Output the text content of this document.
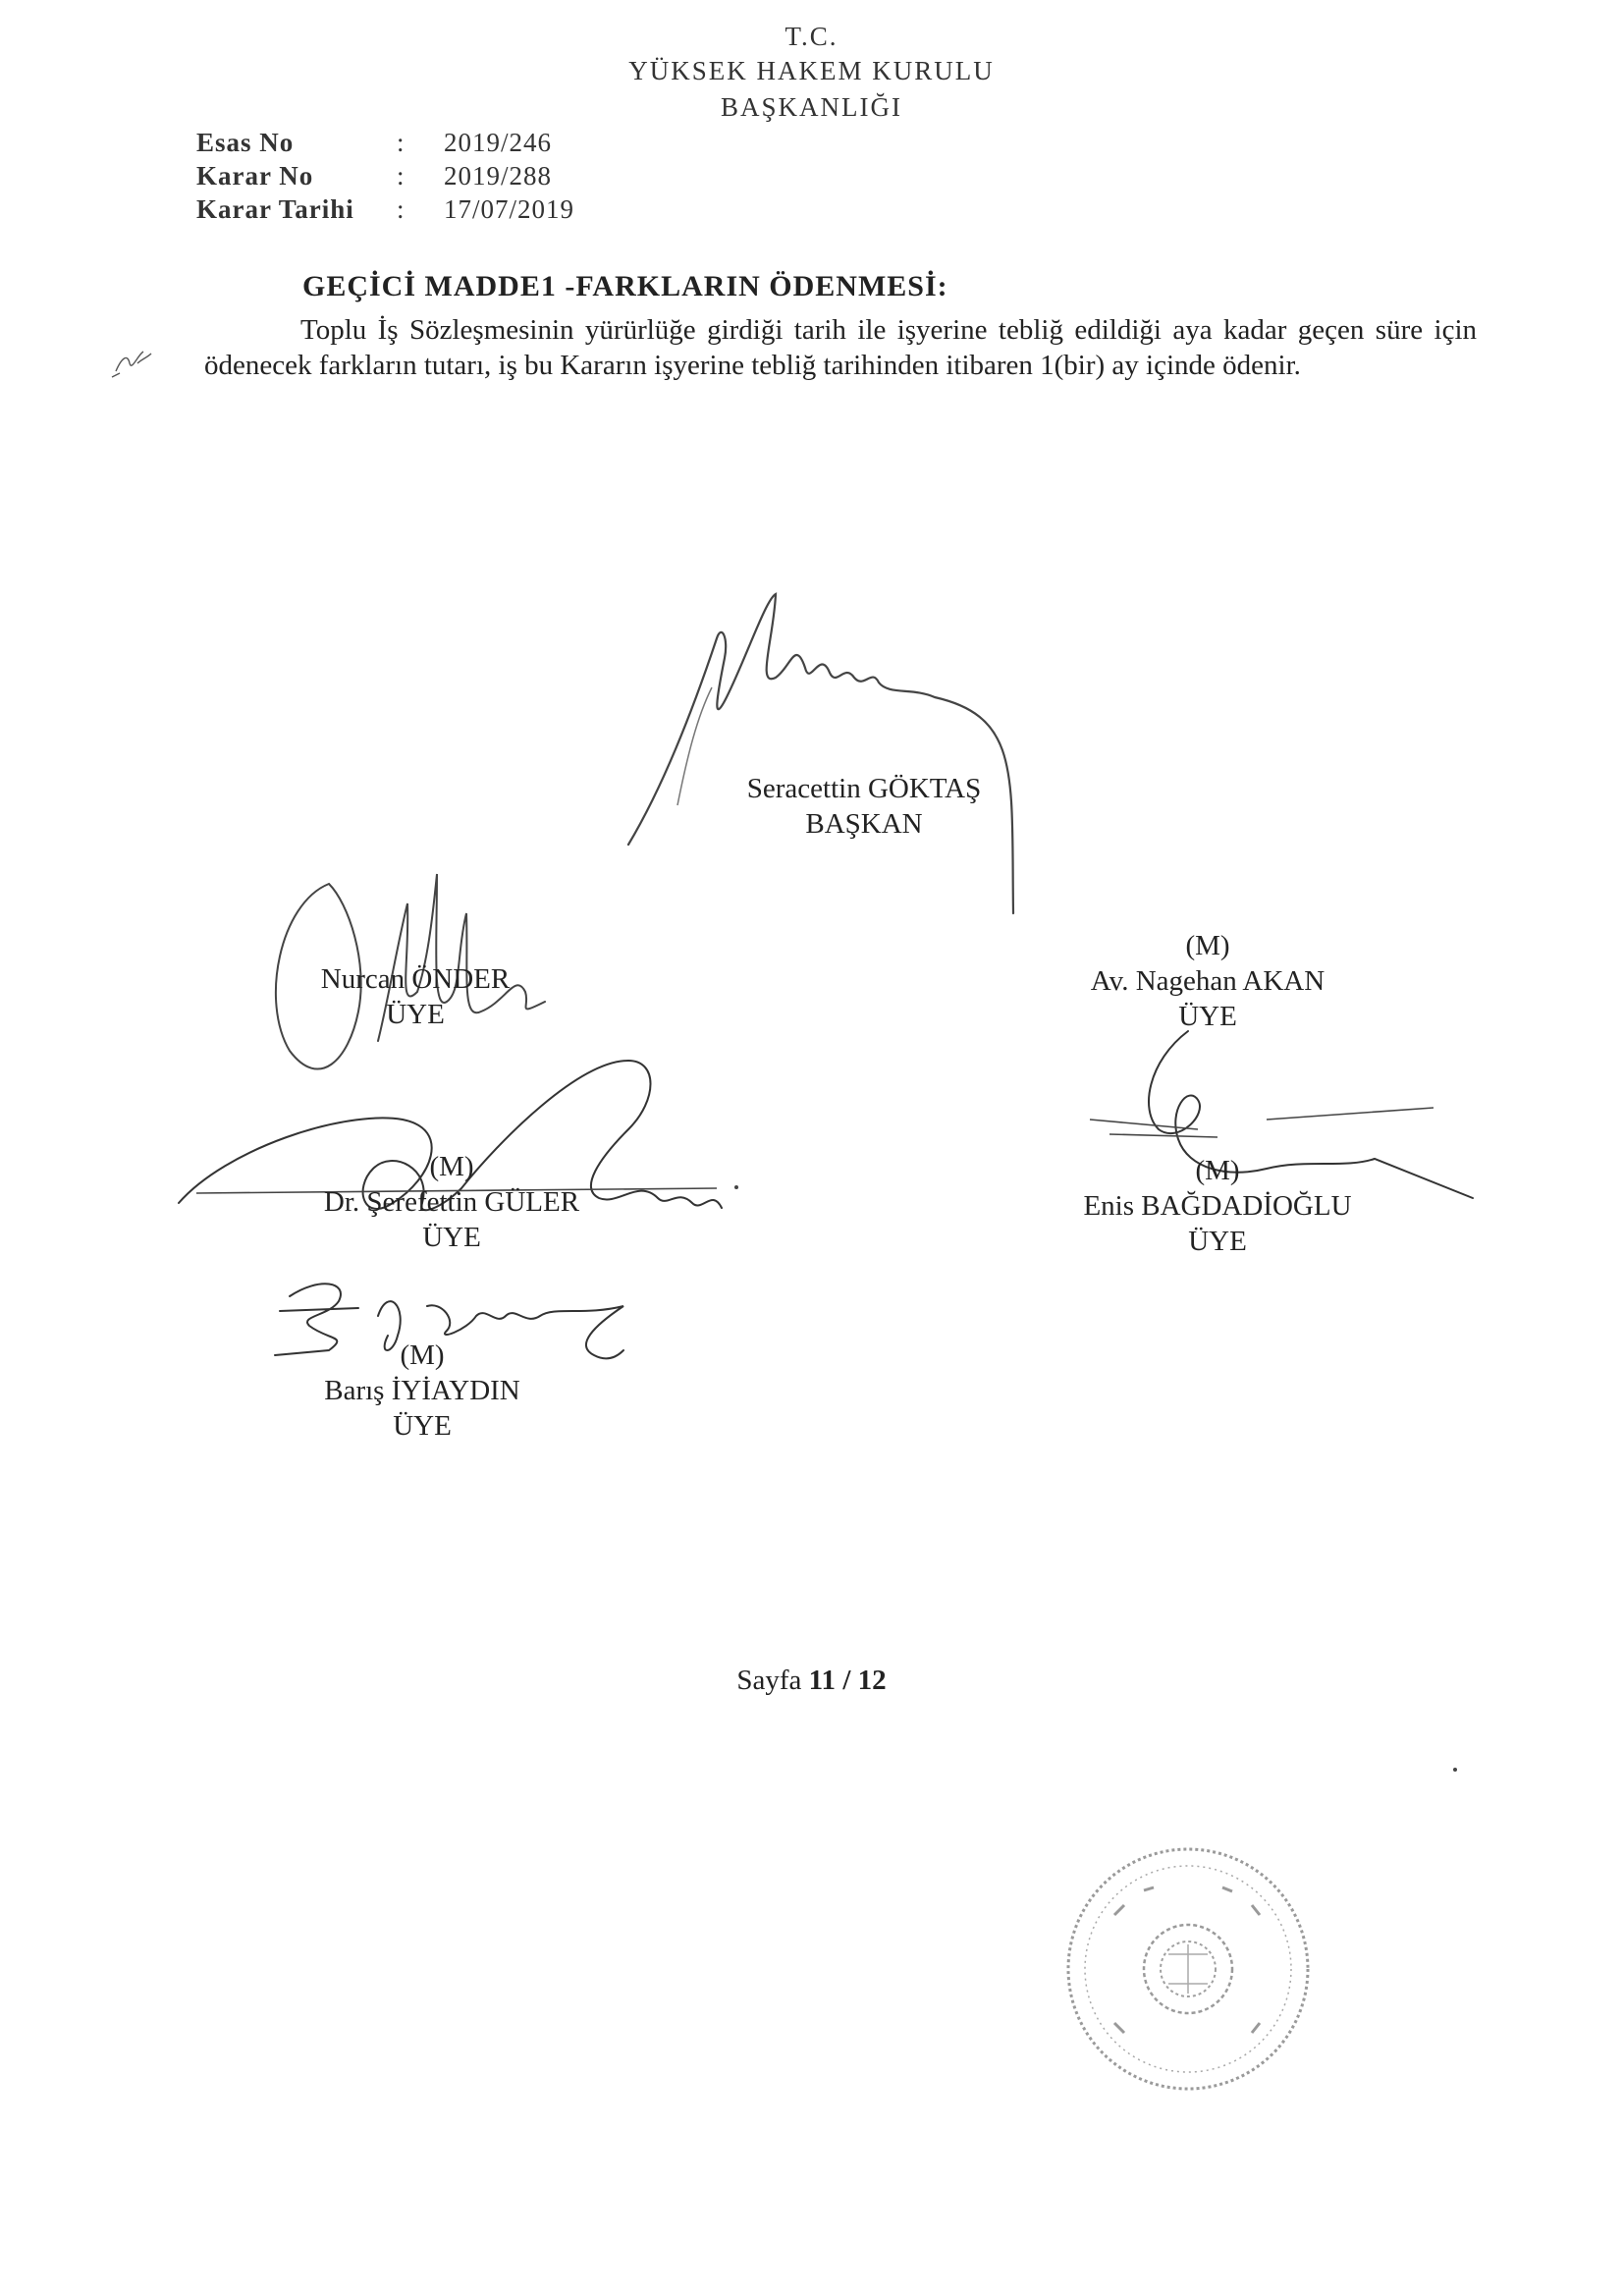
T.C.
YÜKSEK HAKEM KURULU
BAŞKANLIĞI
Esas No	: 2019/246
Karar No	: 2019/288
Karar Tarihi : 17/07/2019
GEÇİCİ MADDE1 -FARKLARIN ÖDENMESİ:
Toplu İş Sözleşmesinin yürürlüğe girdiği tarih ile işyerine tebliğ edildiği aya kadar geçen süre için ödenecek farkların tutarı, iş bu Kararın işyerine tebliğ tarihinden itibaren 1(bir) ay içinde ödenir.
Seracettin GÖKTAŞ
BAŞKAN
Nurcan ÖNDER
ÜYE
(M)
Av. Nagehan AKAN
ÜYE
(M)
Dr. Şerefettin GÜLER
ÜYE
(M)
Enis BAĞDADİOĞLU
ÜYE
(M)
Barış İYİAYDIN
ÜYE
Sayfa 11 / 12
